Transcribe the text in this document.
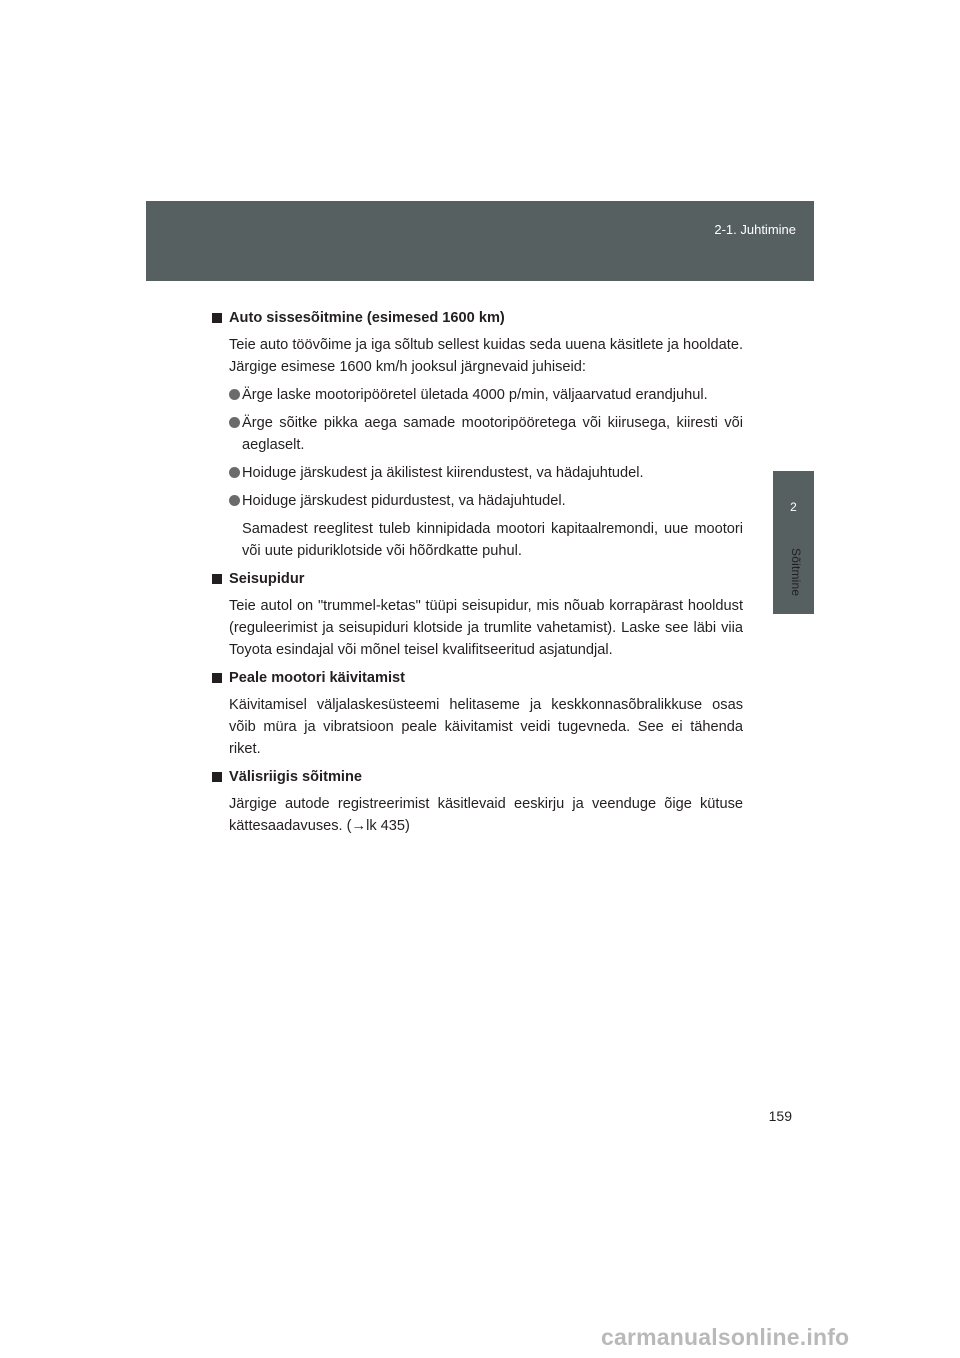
2-1. Juhtimine
2
Sõitmine
Auto sissesõitmine (esimesed 1600 km)

Teie auto töövõime ja iga sõltub sellest kuidas seda uuena käsitlete ja hooldate. Järgige esimese 1600 km/h jooksul järgnevaid juhiseid:

Ärge laske mootoripööretel ületada 4000 p/min, väljaarvatud erandjuhul.
Ärge sõitke pikka aega samade mootoripööretega või kiirusega, kiiresti või aeglaselt.
Hoiduge järskudest ja äkilistest kiirendustest, va hädajuhtudel.
Hoiduge järskudest pidurdustest, va hädajuhtudel.

Samadest reeglitest tuleb kinnipidada mootori kapitaalremondi, uue mootori või uute piduriklotside või hõõrdkatte puhul.

Seisupidur

Teie autol on "trummel-ketas" tüüpi seisupidur, mis nõuab korrapärast hooldust (reguleerimist ja seisupiduri klotside ja trumlite vahetamist). Laske see läbi viia Toyota esindajal või mõnel teisel kvalifitseeritud asjatundjal.

Peale mootori käivitamist

Käivitamisel väljalaskesüsteemi helitaseme ja keskkonnasõbralikkuse osas võib müra ja vibratsioon peale käivitamist veidi tugevneda. See ei tähenda riket.

Välisriigis sõitmine

Järgige autode registreerimist käsitlevaid eeskirju ja veenduge õige kütuse kättesaadavuses. (→lk 435)

159
carmanualsonline.info
